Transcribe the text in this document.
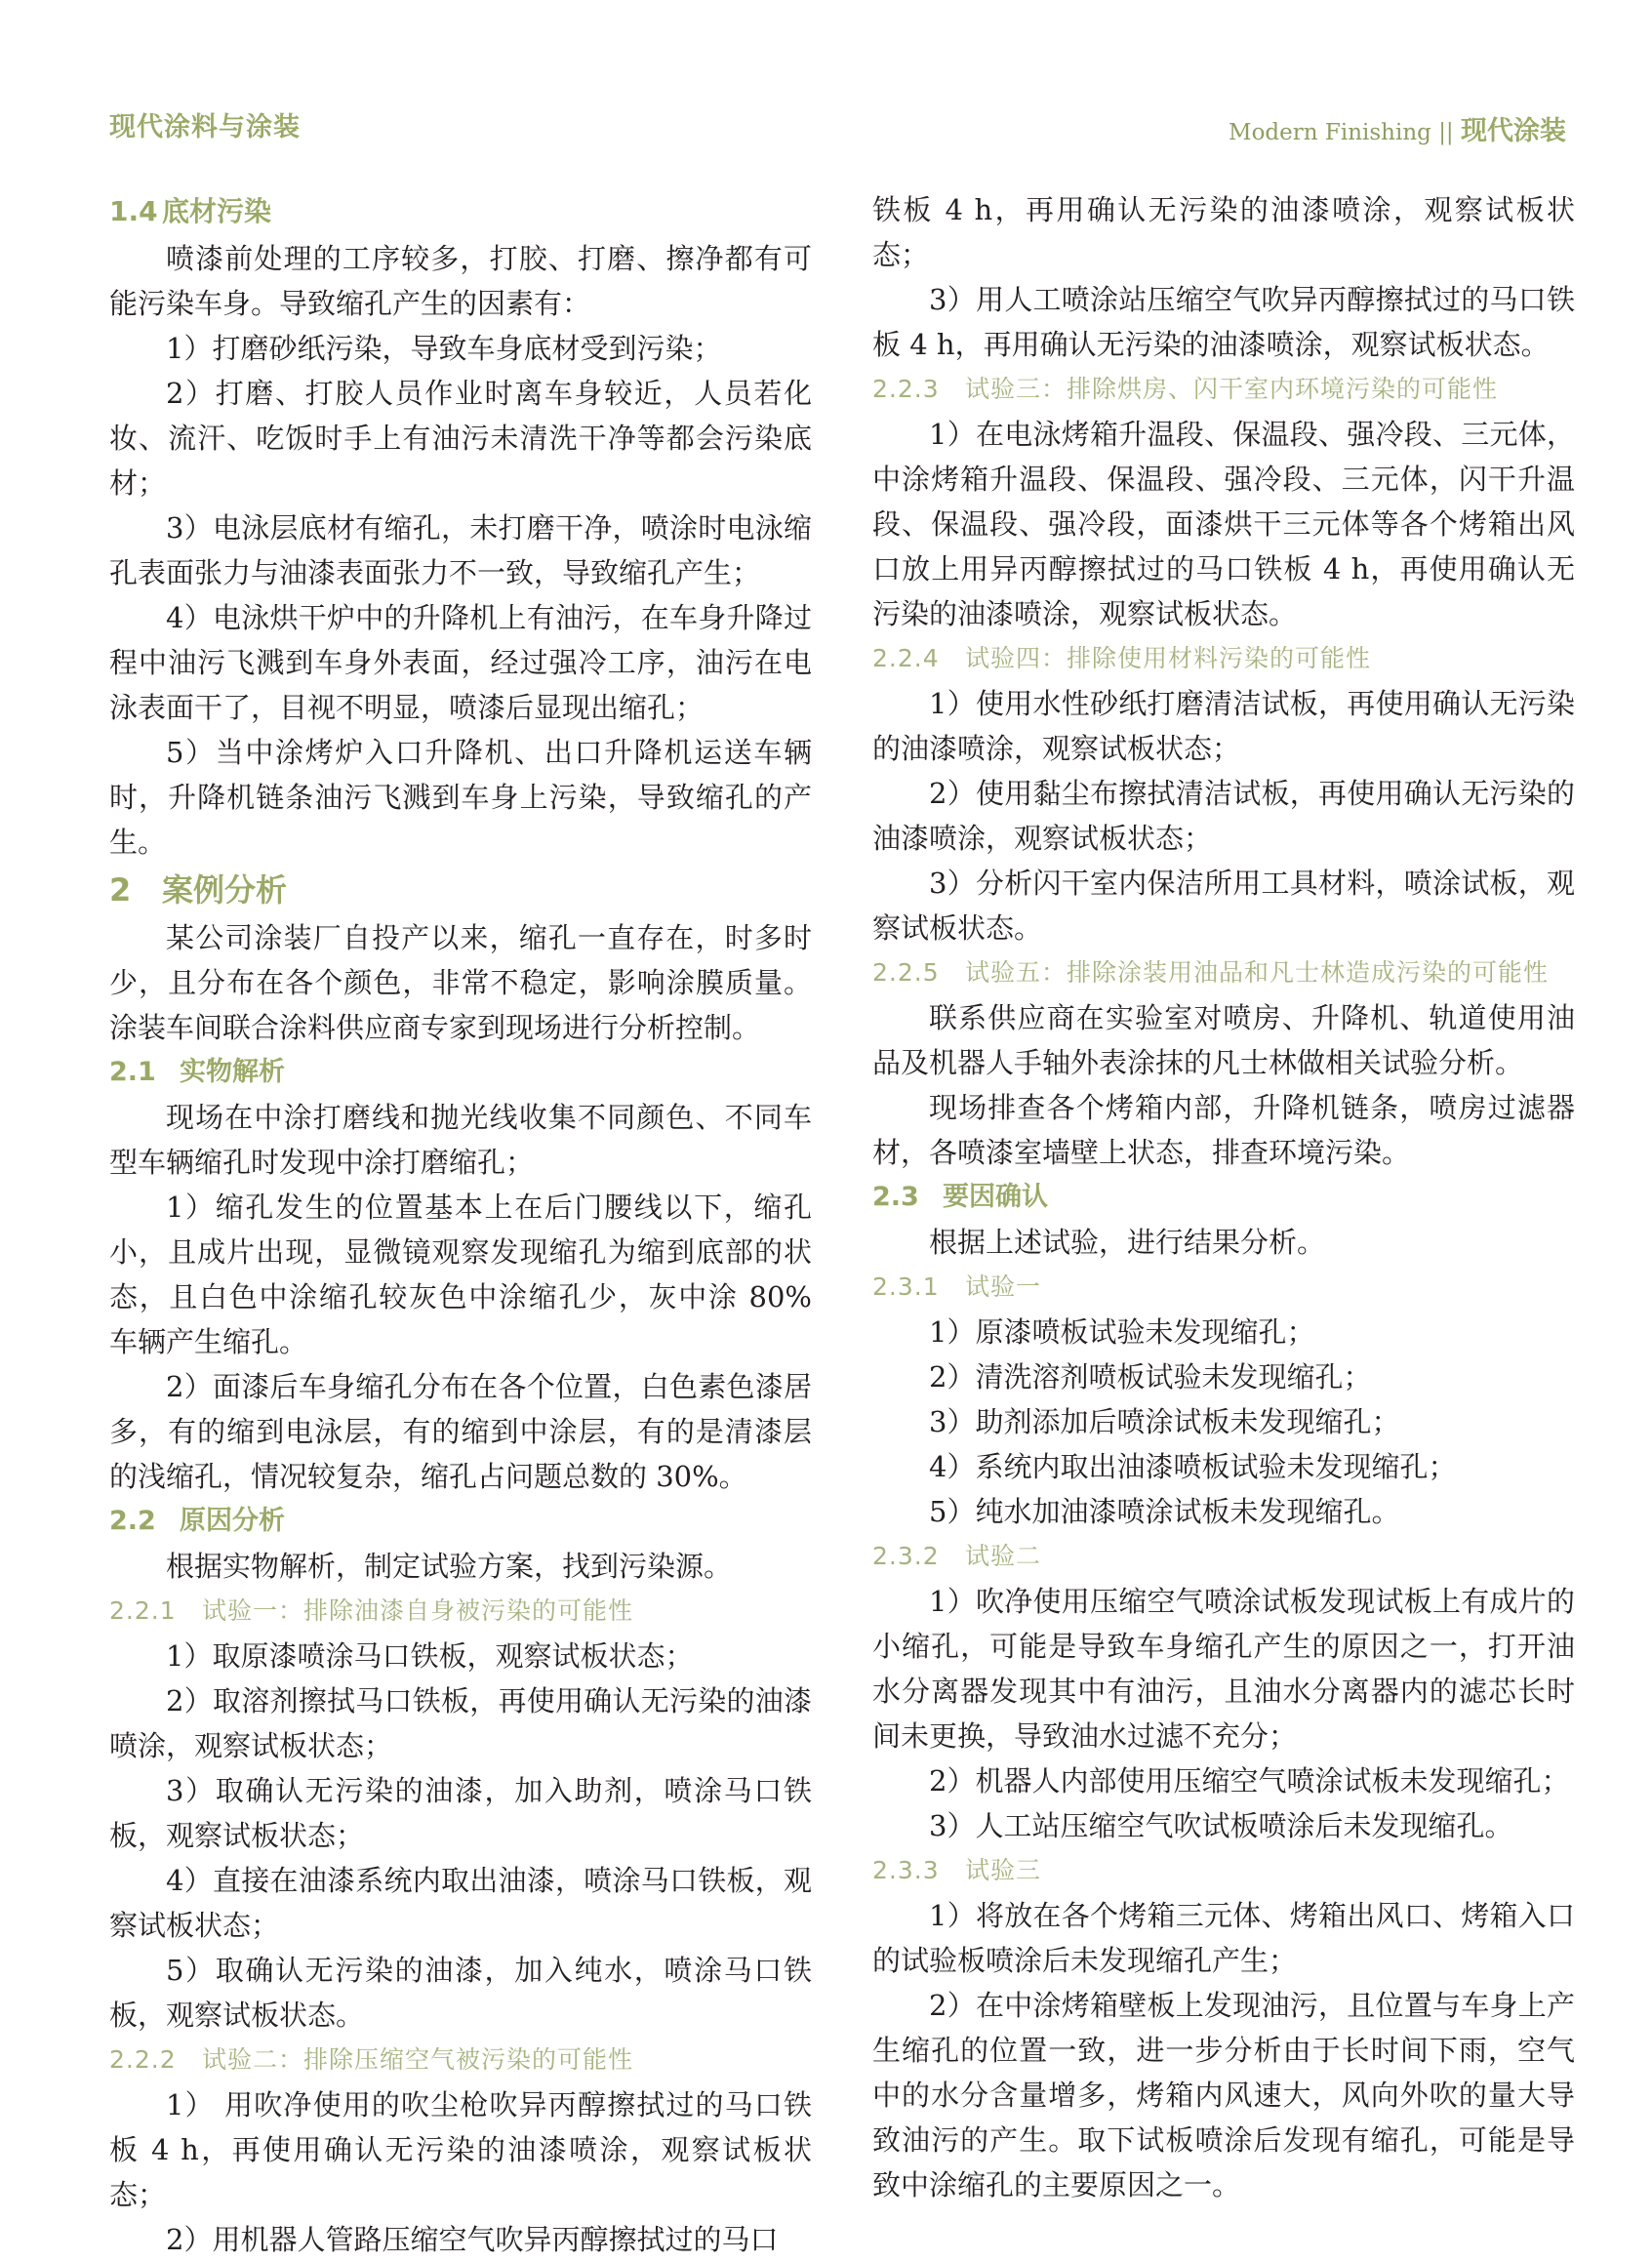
现代涂料与涂装	Modern Finishing || 现代涂装
1.4 底材污染

喷漆前处理的工序较多，打胶、打磨、擦净都有可能污染车身。导致缩孔产生的因素有：

1）打磨砂纸污染，导致车身底材受到污染；

2）打磨、打胶人员作业时离车身较近，人员若化妆、流汗、吃饭时手上有油污未清洗干净等都会污染底材；

3）电泳层底材有缩孔，未打磨干净，喷涂时电泳缩孔表面张力与油漆表面张力不一致，导致缩孔产生；

4）电泳烘干炉中的升降机上有油污，在车身升降过程中油污飞溅到车身外表面，经过强冷工序，油污在电泳表面干了，目视不明显，喷漆后显现出缩孔；

5）当中涂烤炉入口升降机、出口升降机运送车辆时，升降机链条油污飞溅到车身上污染，导致缩孔的产生。

2 案例分析

某公司涂装厂自投产以来，缩孔一直存在，时多时少，且分布在各个颜色，非常不稳定，影响涂膜质量。涂装车间联合涂料供应商专家到现场进行分析控制。

2.1 实物解析

现场在中涂打磨线和抛光线收集不同颜色、不同车型车辆缩孔时发现中涂打磨缩孔；

1）缩孔发生的位置基本上在后门腰线以下，缩孔小，且成片出现，显微镜观察发现缩孔为缩到底部的状态，且白色中涂缩孔较灰色中涂缩孔少，灰中涂 80% 车辆产生缩孔。

2）面漆后车身缩孔分布在各个位置，白色素色漆居多，有的缩到电泳层，有的缩到中涂层，有的是清漆层的浅缩孔，情况较复杂，缩孔占问题总数的 30%。

2.2 原因分析

根据实物解析，制定试验方案，找到污染源。

2.2.1 试验一：排除油漆自身被污染的可能性

1）取原漆喷涂马口铁板，观察试板状态；

2）取溶剂擦拭马口铁板，再使用确认无污染的油漆喷涂，观察试板状态；

3）取确认无污染的油漆，加入助剂，喷涂马口铁板，观察试板状态；

4）直接在油漆系统内取出油漆，喷涂马口铁板，观察试板状态；

5）取确认无污染的油漆，加入纯水，喷涂马口铁板，观察试板状态。

2.2.2 试验二：排除压缩空气被污染的可能性

1） 用吹净使用的吹尘枪吹异丙醇擦拭过的马口铁板 4 h，再使用确认无污染的油漆喷涂，观察试板状态；

2）用机器人管路压缩空气吹异丙醇擦拭过的马口

铁板 4 h，再用确认无污染的油漆喷涂，观察试板状态；

3）用人工喷涂站压缩空气吹异丙醇擦拭过的马口铁板 4 h，再用确认无污染的油漆喷涂，观察试板状态。

2.2.3 试验三：排除烘房、闪干室内环境污染的可能性

1）在电泳烤箱升温段、保温段、强冷段、三元体，中涂烤箱升温段、保温段、强冷段、三元体，闪干升温段、保温段、强冷段，面漆烘干三元体等各个烤箱出风口放上用异丙醇擦拭过的马口铁板 4 h，再使用确认无污染的油漆喷涂，观察试板状态。

2.2.4 试验四：排除使用材料污染的可能性

1）使用水性砂纸打磨清洁试板，再使用确认无污染的油漆喷涂，观察试板状态；

2）使用黏尘布擦拭清洁试板，再使用确认无污染的油漆喷涂，观察试板状态；

3）分析闪干室内保洁所用工具材料，喷涂试板，观察试板状态。

2.2.5	试验五：排除涂装用油品和凡士林造成污染的可能性

联系供应商在实验室对喷房、升降机、轨道使用油品及机器人手轴外表涂抹的凡士林做相关试验分析。

现场排查各个烤箱内部，升降机链条，喷房过滤器材，各喷漆室墙壁上状态，排查环境污染。

2.3 要因确认

根据上述试验，进行结果分析。

2.3.1 试验一

1）原漆喷板试验未发现缩孔；

2）清洗溶剂喷板试验未发现缩孔；

3）助剂添加后喷涂试板未发现缩孔；

4）系统内取出油漆喷板试验未发现缩孔；

5）纯水加油漆喷涂试板未发现缩孔。

2.3.2 试验二

1）吹净使用压缩空气喷涂试板发现试板上有成片的小缩孔，可能是导致车身缩孔产生的原因之一，打开油水分离器发现其中有油污，且油水分离器内的滤芯长时间未更换，导致油水过滤不充分；

2）机器人内部使用压缩空气喷涂试板未发现缩孔；

3）人工站压缩空气吹试板喷涂后未发现缩孔。

2.3.3 试验三

1）将放在各个烤箱三元体、烤箱出风口、烤箱入口的试验板喷涂后未发现缩孔产生；

2）在中涂烤箱壁板上发现油污，且位置与车身上产生缩孔的位置一致，进一步分析由于长时间下雨，空气中的水分含量增多，烤箱内风速大，风向外吹的量大导致油污的产生。取下试板喷涂后发现有缩孔，可能是导致中涂缩孔的主要原因之一。
